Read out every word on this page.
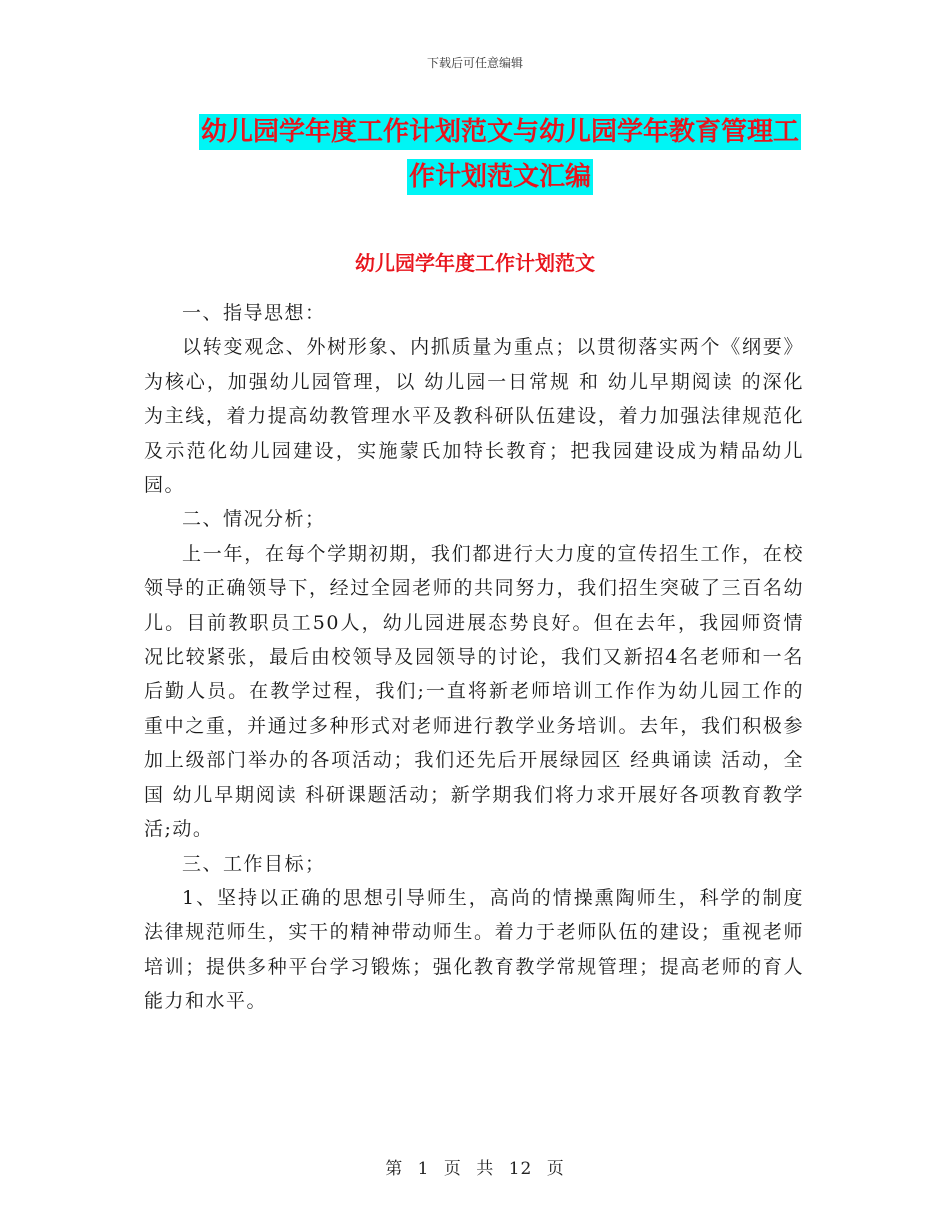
下载后可任意编辑
幼儿园学年度工作计划范文与幼儿园学年教育管理工
作计划范文汇编
幼儿园学年度工作计划范文

一、指导思想：

以转变观念、外树形象、内抓质量为重点；以贯彻落实两个《纲要》为核心，加强幼儿园管理，以 幼儿园一日常规 和 幼儿早期阅读 的深化为主线，着力提高幼教管理水平及教科研队伍建设，着力加强法律规范化及示范化幼儿园建设，实施蒙氏加特长教育；把我园建设成为精品幼儿园。

二、情况分析；

上一年，在每个学期初期，我们都进行大力度的宣传招生工作，在校领导的正确领导下，经过全园老师的共同努力，我们招生突破了三百名幼儿。目前教职员工50人，幼儿园进展态势良好。但在去年，我园师资情况比较紧张，最后由校领导及园领导的讨论，我们又新招4名老师和一名后勤人员。在教学过程，我们;一直将新老师培训工作作为幼儿园工作的重中之重，并通过多种形式对老师进行教学业务培训。去年，我们积极参加上级部门举办的各项活动；我们还先后开展绿园区 经典诵读 活动，全国 幼儿早期阅读 科研课题活动；新学期我们将力求开展好各项教育教学活;动。

三、工作目标；

1、坚持以正确的思想引导师生，高尚的情操熏陶师生，科学的制度法律规范师生，实干的精神带动师生。着力于老师队伍的建设；重视老师培训；提供多种平台学习锻炼；强化教育教学常规管理；提高老师的育人能力和水平。

第 1 页 共 12 页
